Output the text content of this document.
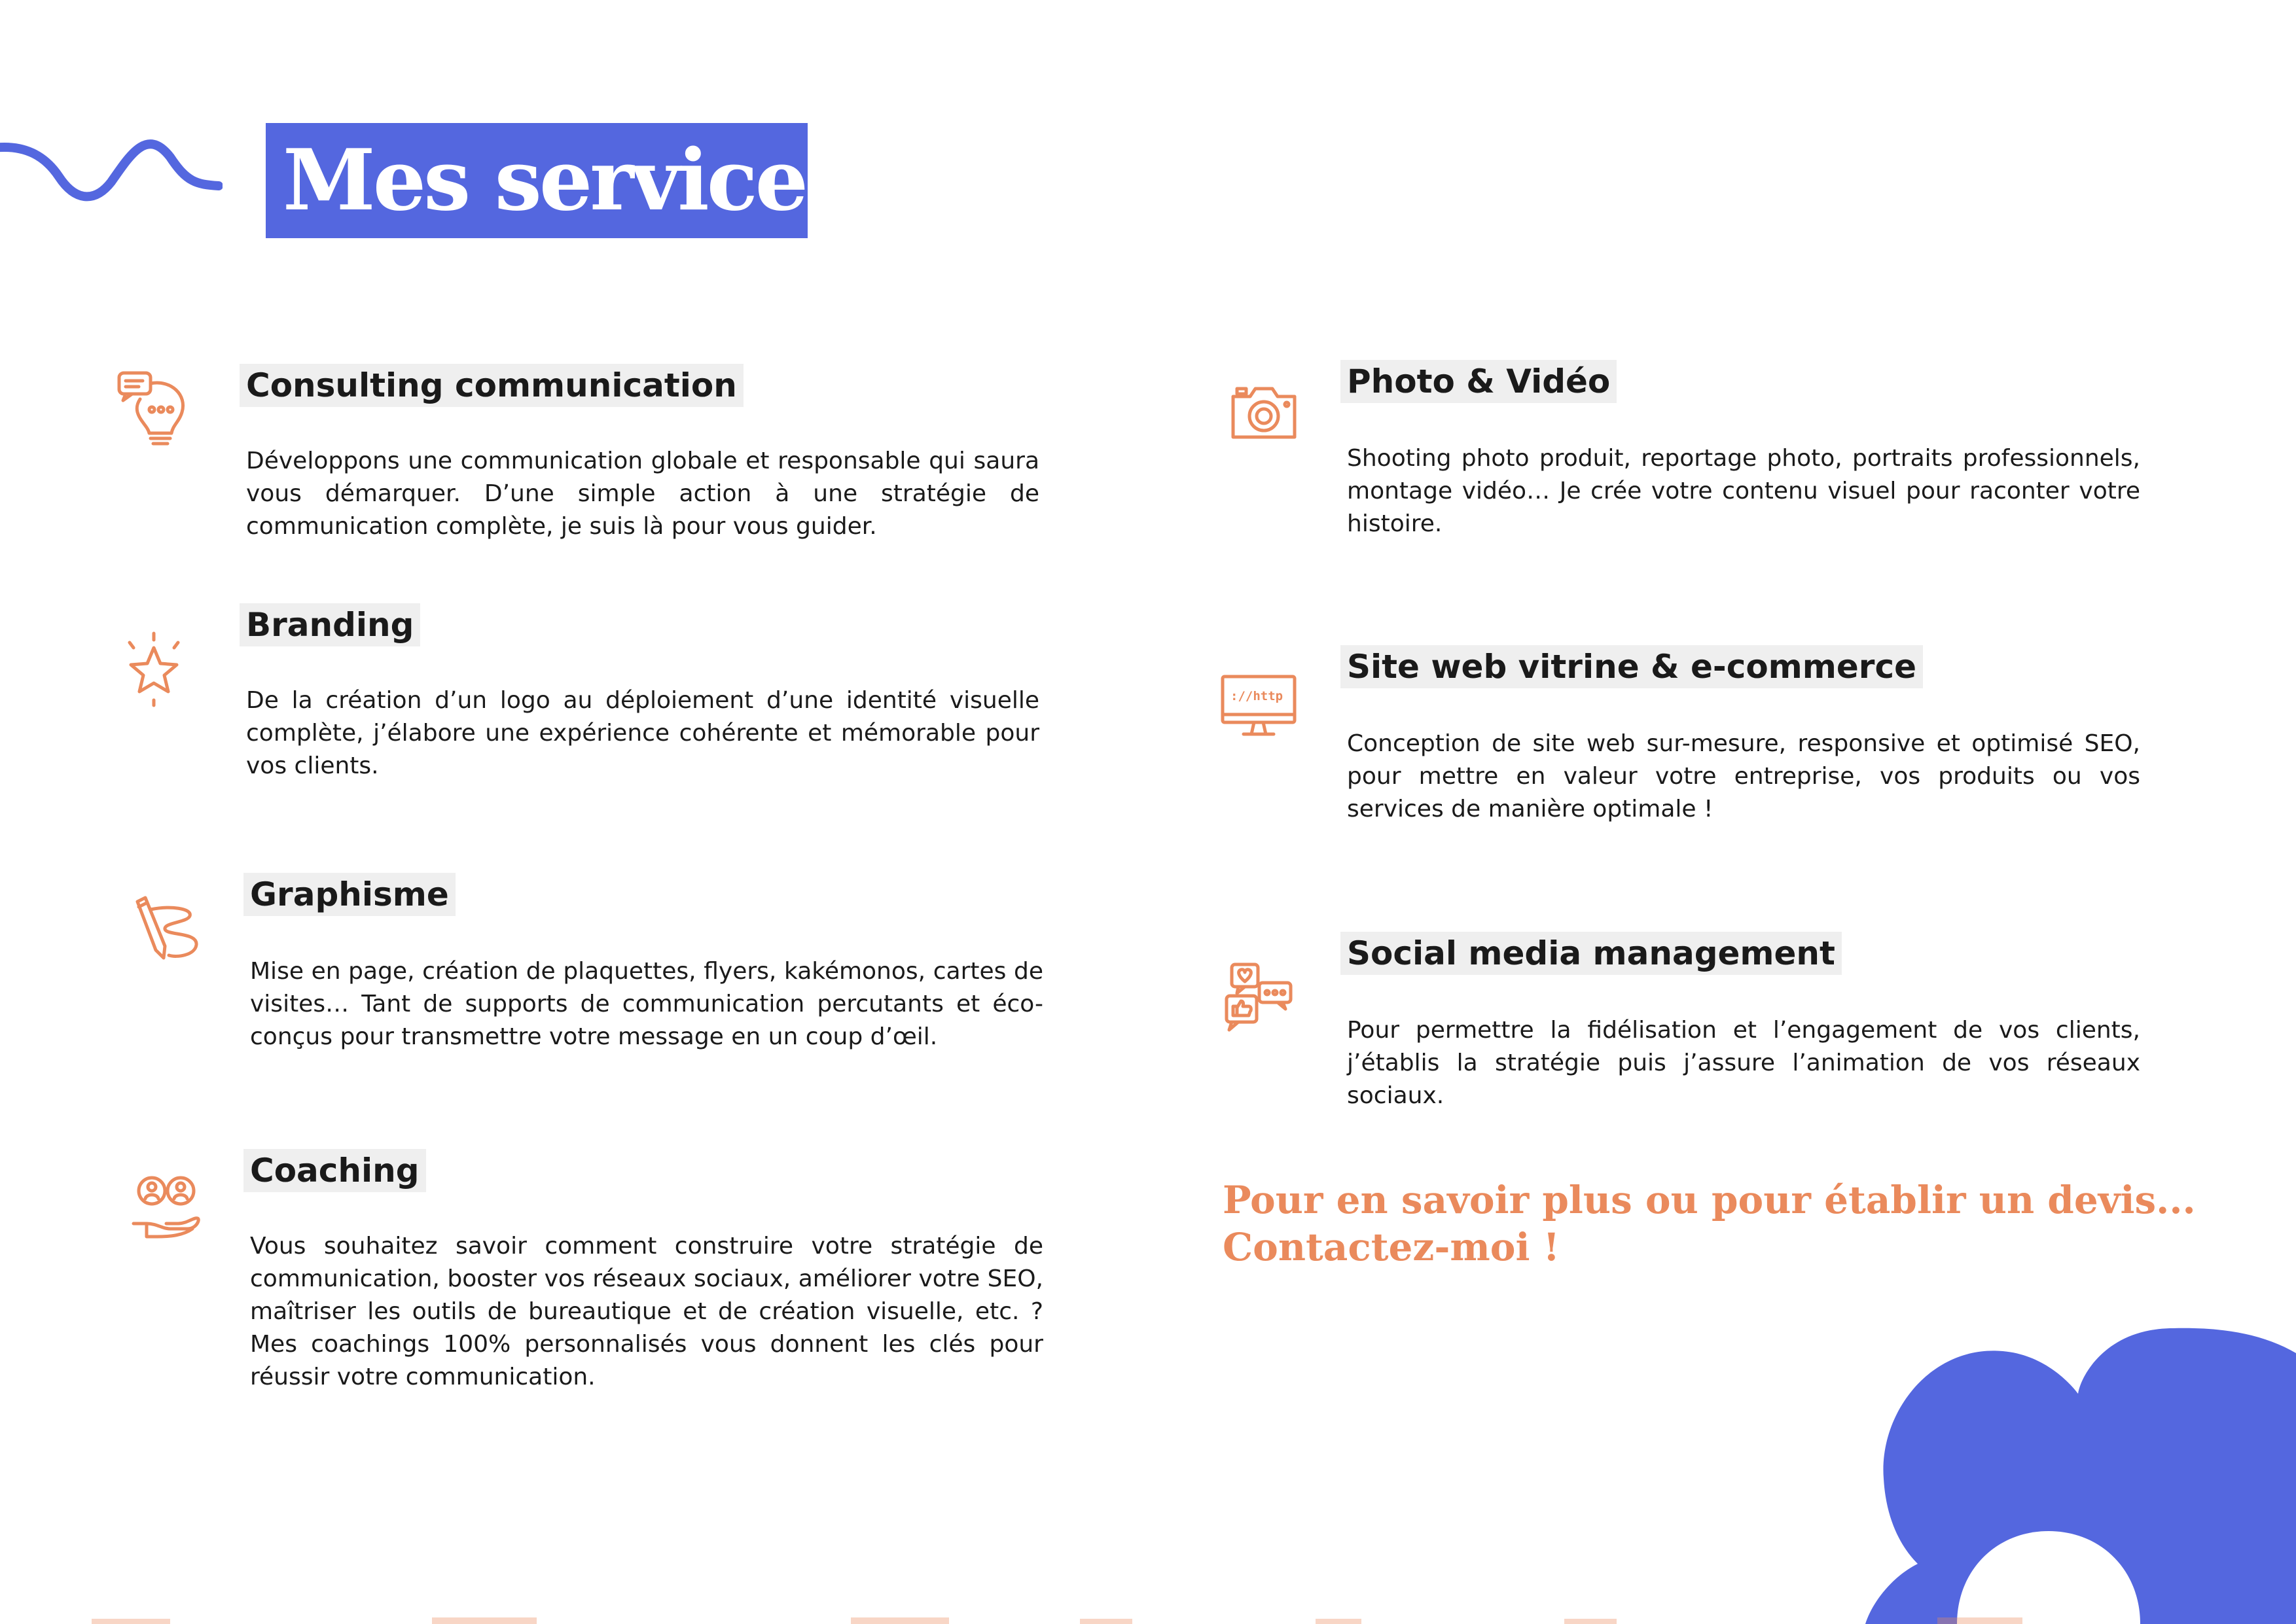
Mes services
Consulting communication

Développons une communication globale et responsable qui saura vous démarquer. D’une simple action à une stratégie de communication complète, je suis là pour vous guider.

Branding

De la création d’un logo au déploiement d’une identité visuelle complète, j’élabore une expérience cohérente et mémorable pour vos clients.

Graphisme

Mise en page, création de plaquettes, flyers, kakémonos, cartes de visites… Tant de supports de communication percutants et éco-conçus pour transmettre votre message en un coup d’œil.

Coaching

Vous souhaitez savoir comment construire votre stratégie de communication, booster vos réseaux sociaux, améliorer votre SEO, maîtriser les outils de bureautique et de création visuelle, etc. ? Mes coachings 100% personnalisés vous donnent les clés pour réussir votre communication.

Photo & Vidéo

Shooting photo produit, reportage photo, portraits professionnels, montage vidéo… Je crée votre contenu visuel pour raconter votre histoire.

://http
Site web vitrine & e-commerce

Conception de site web sur-mesure, responsive et optimisé SEO, pour mettre en valeur votre entreprise, vos produits ou vos services de manière optimale !

Social media management

Pour permettre la fidélisation et l’engagement de vos clients, j’établis la stratégie puis j’assure l’animation de vos réseaux sociaux.

Pour en savoir plus ou pour établir un devis...
Contactez-moi !
